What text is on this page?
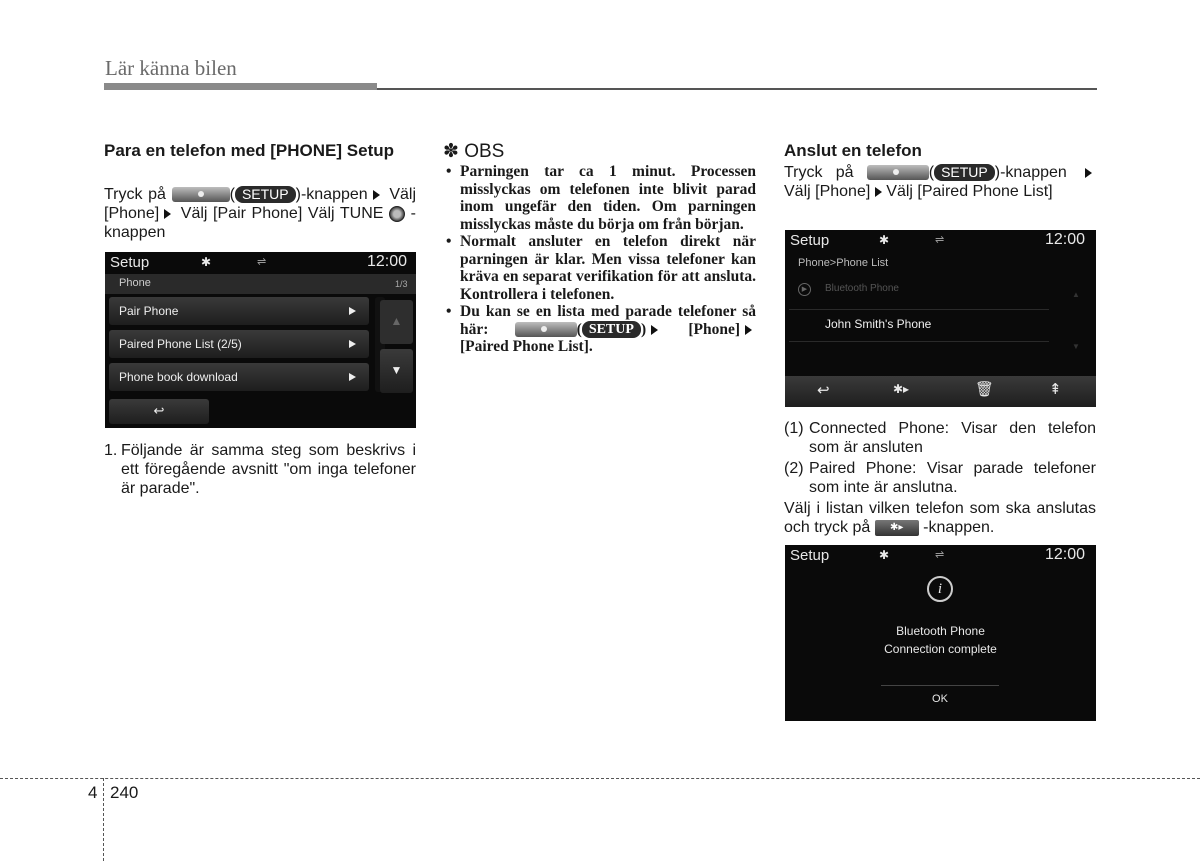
Lär känna bilen
Para en telefon med [PHONE] Setup
Tryck på	( SETUP )-knappen Välj [Phone] Välj [Pair Phone] Välj TUNE -knappen
Setup	✱	⇌	12:00
Phone	1/3
Pair Phone
Paired Phone List (2/5)
Phone book download
▲
▼
↩
1. Följande är samma steg som beskrivs i ett föregående avsnitt "om inga telefoner är parade".
✽ OBS
• Parningen tar ca 1 minut. Processen misslyckas om telefonen inte blivit parad inom ungefär den tiden. Om parningen misslyckas måste du börja om från början.
• Normalt ansluter en telefon direkt när parningen är klar. Men vissa telefoner kan kräva en separat verifikation för att ansluta. Kontrollera i telefonen.
• Du kan se en lista med parade telefoner så här:	( SETUP )	[Phone] [Paired Phone List].
Anslut en telefon
Tryck på	( SETUP )-knappen Välj [Phone] Välj [Paired Phone List]
Setup	✱	⇌	12:00
Phone>Phone List
▶	Bluetooth Phone
John Smith's Phone
▲
▼
↩	✱▸	🗑	⇞
(1) Connected Phone: Visar den telefon som är ansluten
(2) Paired Phone: Visar parade telefoner som inte är anslutna.
Välj i listan vilken telefon som ska anslutas och tryck på ✱▸ -knappen.
Setup	✱	⇌	12:00
i
Bluetooth Phone
Connection complete
OK
4 240
